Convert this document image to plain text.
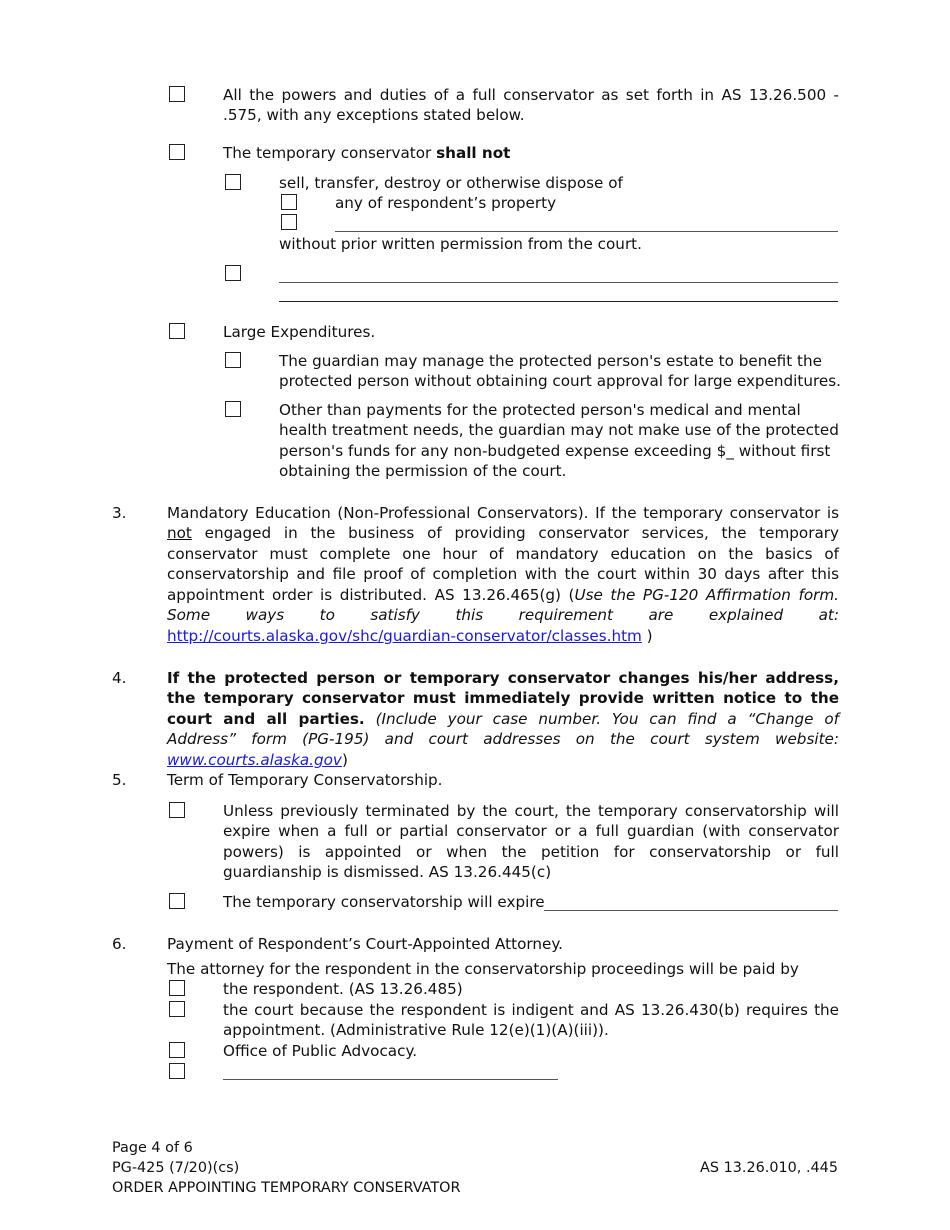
All the powers and duties of a full conservator as set forth in AS 13.26.500 -
.575, with any exceptions stated below.
The temporary conservator shall not
sell, transfer, destroy or otherwise dispose of
any of respondent’s property
without prior written permission from the court.
Large Expenditures.
The guardian may manage the protected person's estate to benefit the
protected person without obtaining court approval for large expenditures.
Other than payments for the protected person's medical and mental
health treatment needs, the guardian may not make use of the protected
person's funds for any non-budgeted expense exceeding $_ without first
obtaining the permission of the court.
3.	Mandatory Education (Non-Professional Conservators). If the temporary conservator is
not engaged in the business of providing conservator services, the temporary
conservator must complete one hour of mandatory education on the basics of
conservatorship and file proof of completion with the court within 30 days after this
appointment order is distributed. AS 13.26.465(g) (Use the PG-120 Affirmation form.
Some ways to satisfy this requirement are explained at:
http://courts.alaska.gov/shc/guardian-conservator/classes.htm )
4.	If the protected person or temporary conservator changes his/her address,
the temporary conservator must immediately provide written notice to the
court and all parties. (Include your case number. You can find a “Change of
Address” form (PG-195) and court addresses on the court system website:
www.courts.alaska.gov)
5.	Term of Temporary Conservatorship.
Unless previously terminated by the court, the temporary conservatorship will
expire when a full or partial conservator or a full guardian (with conservator
powers) is appointed or when the petition for conservatorship or full
guardianship is dismissed. AS 13.26.445(c)
The temporary conservatorship will expire
6.	Payment of Respondent’s Court-Appointed Attorney.
The attorney for the respondent in the conservatorship proceedings will be paid by
the respondent. (AS 13.26.485)
the court because the respondent is indigent and AS 13.26.430(b) requires the
appointment. (Administrative Rule 12(e)(1)(A)(iii)).
Office of Public Advocacy.
Page 4 of 6
PG-425 (7/20)(cs)
ORDER APPOINTING TEMPORARY CONSERVATOR
AS 13.26.010, .445
